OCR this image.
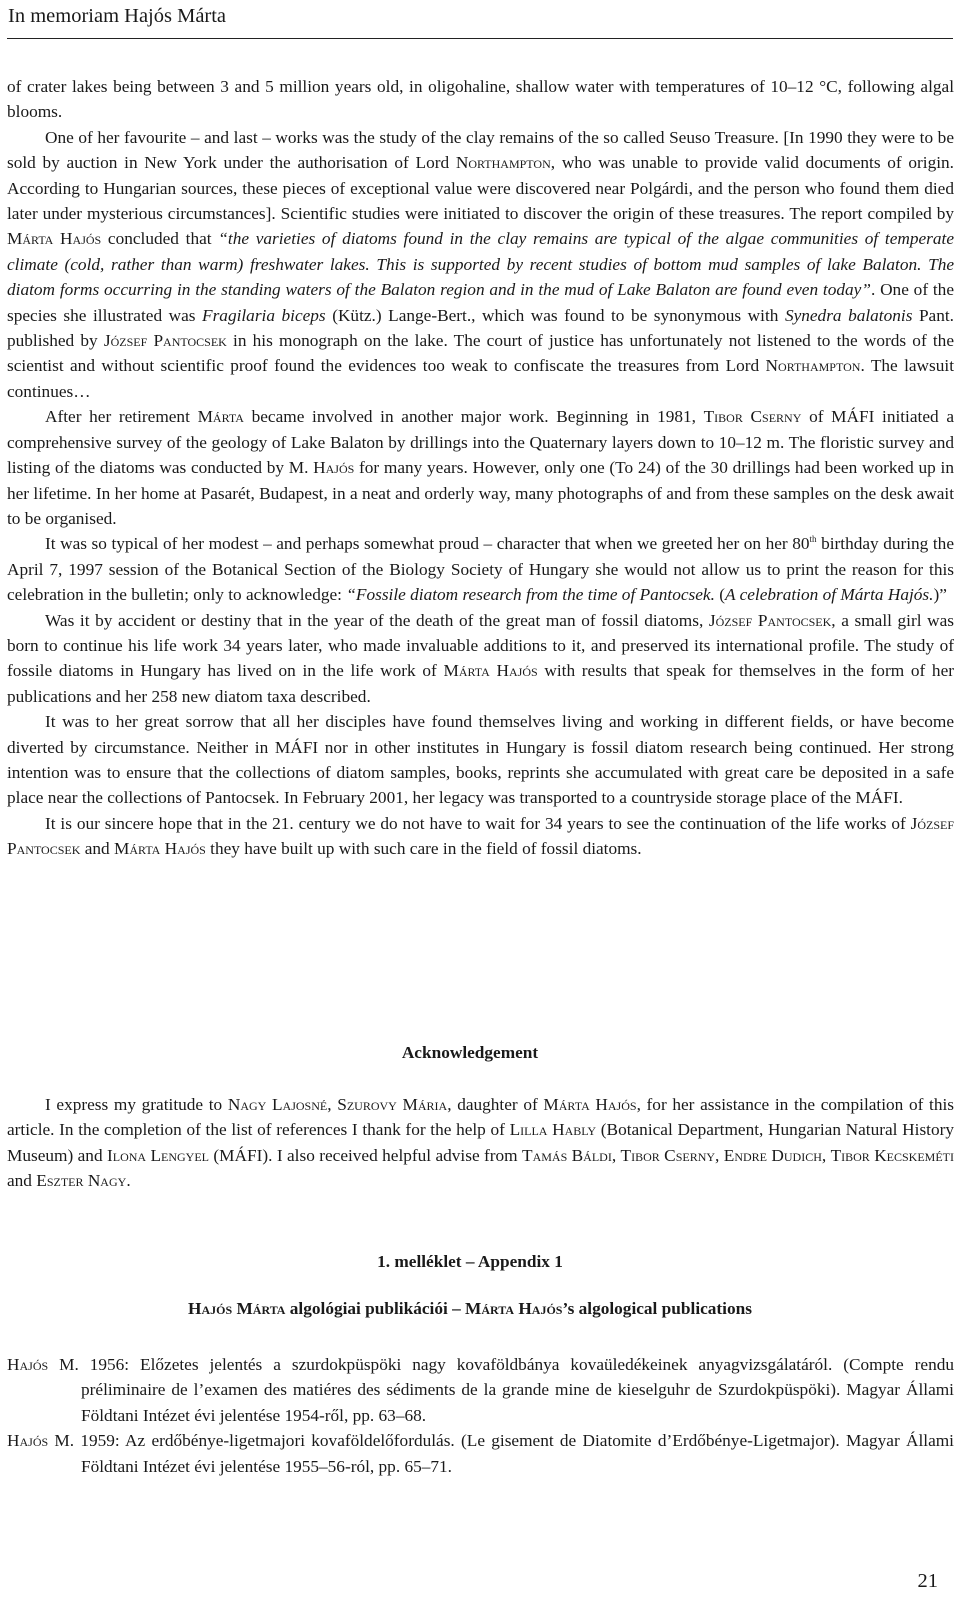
In memoriam Hajós Márta

of crater lakes being between 3 and 5 million years old, in oligohaline, shallow water with temperatures of 10–12 °C, following algal blooms.

One of her favourite – and last – works was the study of the clay remains of the so called Seuso Treasure. [In 1990 they were to be sold by auction in New York under the authorisation of Lord Northampton, who was unable to provide valid documents of origin. According to Hungarian sources, these pieces of exceptional value were discovered near Polgárdi, and the person who found them died later under mysterious circumstances]. Scientific studies were initiated to discover the origin of these treasures. The report compiled by Márta Hajós concluded that “the varieties of diatoms found in the clay remains are typical of the algae communities of temperate climate (cold, rather than warm) freshwater lakes. This is supported by recent studies of bottom mud samples of lake Balaton. The diatom forms occurring in the standing waters of the Balaton region and in the mud of Lake Balaton are found even today”. One of the species she illustrated was Fragilaria biceps (Kütz.) Lange-Bert., which was found to be synonymous with Synedra balatonis Pant. published by József Pantocsek in his monograph on the lake. The court of justice has unfortunately not listened to the words of the scientist and without scientific proof found the evidences too weak to confiscate the treasures from Lord Northampton. The lawsuit continues…

After her retirement Márta became involved in another major work. Beginning in 1981, Tibor Cserny of MÁFI initiated a comprehensive survey of the geology of Lake Balaton by drillings into the Quaternary layers down to 10–12 m. The floristic survey and listing of the diatoms was conducted by M. Hajós for many years. However, only one (To 24) of the 30 drillings had been worked up in her lifetime. In her home at Pasarét, Budapest, in a neat and orderly way, many photographs of and from these samples on the desk await to be organised.

It was so typical of her modest – and perhaps somewhat proud – character that when we greeted her on her 80th birthday during the April 7, 1997 session of the Botanical Section of the Biology Society of Hungary she would not allow us to print the reason for this celebration in the bulletin; only to acknowledge: “Fossile diatom research from the time of Pantocsek. (A celebration of Márta Hajós.)”

Was it by accident or destiny that in the year of the death of the great man of fossil diatoms, József Pantocsek, a small girl was born to continue his life work 34 years later, who made invaluable additions to it, and preserved its international profile. The study of fossile diatoms in Hungary has lived on in the life work of Márta Hajós with results that speak for themselves in the form of her publications and her 258 new diatom taxa described.

It was to her great sorrow that all her disciples have found themselves living and working in different fields, or have become diverted by circumstance. Neither in MÁFI nor in other institutes in Hungary is fossil diatom research being continued. Her strong intention was to ensure that the collections of diatom samples, books, reprints she accumulated with great care be deposited in a safe place near the collections of Pantocsek. In February 2001, her legacy was transported to a countryside storage place of the MÁFI.

It is our sincere hope that in the 21. century we do not have to wait for 34 years to see the continuation of the life works of József Pantocsek and Márta Hajós they have built up with such care in the field of fossil diatoms.

Acknowledgement

I express my gratitude to Nagy Lajosné, Szurovy Mária, daughter of Márta Hajós, for her assistance in the compilation of this article. In the completion of the list of references I thank for the help of Lilla Hably (Botanical Department, Hungarian Natural History Museum) and Ilona Lengyel (MÁFI). I also received helpful advise from Tamás Báldi, Tibor Cserny, Endre Dudich, Tibor Kecskeméti and Eszter Nagy.

1. melléklet – Appendix 1
Hajós Márta algológiai publikációi – Márta Hajós’s algological publications
Hajós M. 1956: Előzetes jelentés a szurdokpüspöki nagy kovaföldbánya kovaüledékeinek anyagvizsgálatáról. (Compte rendu préliminaire de l’examen des matiéres des sédiments de la grande mine de kieselguhr de Szurdokpüspöki). Magyar Állami Földtani Intézet évi jelentése 1954-ről, pp. 63–68.
Hajós M. 1959: Az erdőbénye-ligetmajori kovaföldelőfordulás. (Le gisement de Diatomite d’Erdőbénye-Ligetmajor). Magyar Állami Földtani Intézet évi jelentése 1955–56-ról, pp. 65–71.
21
